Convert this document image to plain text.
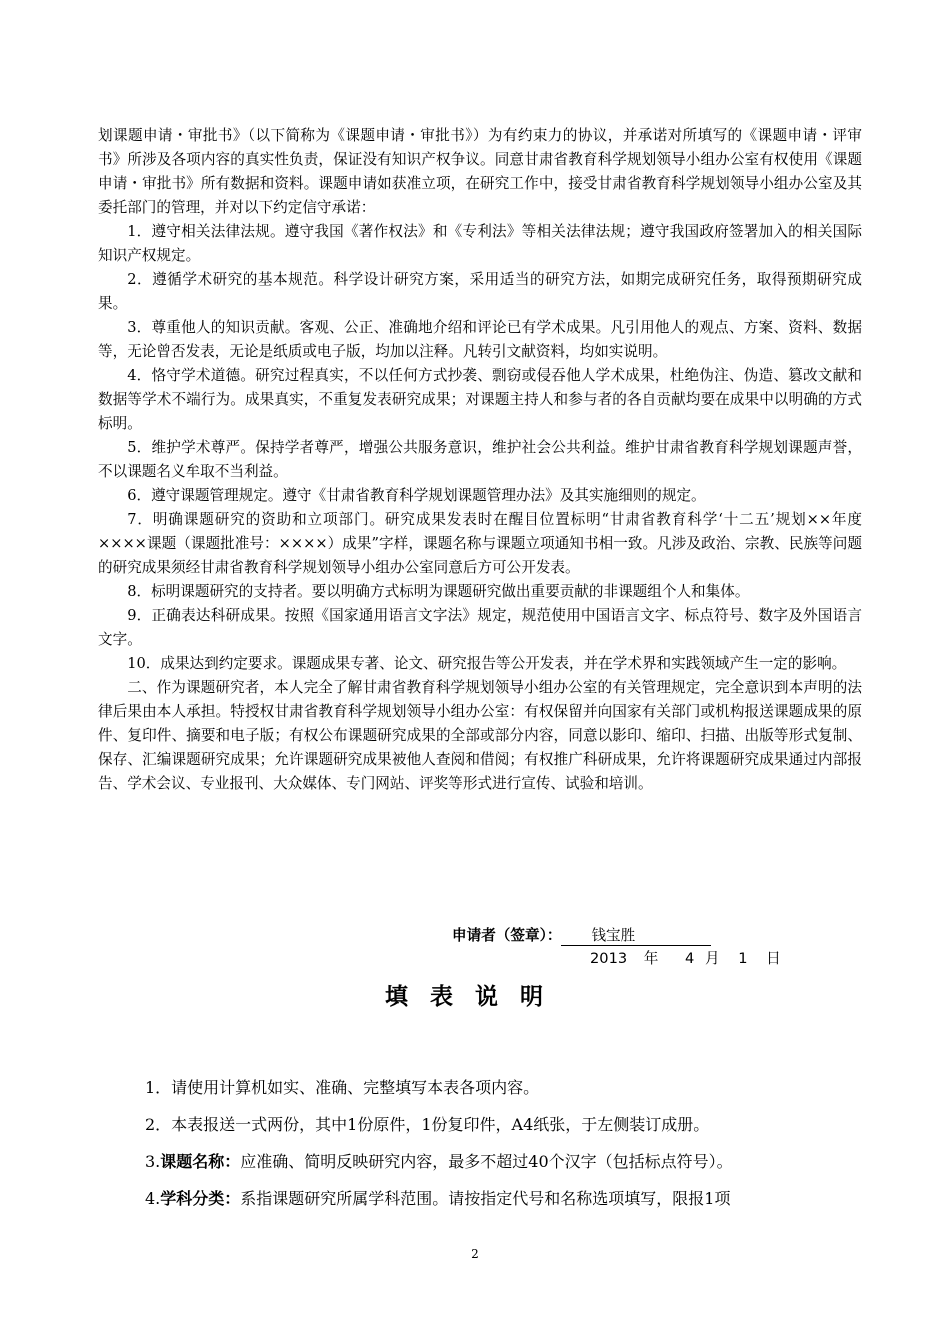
划课题申请・审批书》（以下简称为《课题申请・审批书》）为有约束力的协议，并承诺对所填写的《课题申请・评审书》所涉及各项内容的真实性负责，保证没有知识产权争议。同意甘肃省教育科学规划领导小组办公室有权使用《课题申请・审批书》所有数据和资料。课题申请如获准立项，在研究工作中，接受甘肃省教育科学规划领导小组办公室及其委托部门的管理，并对以下约定信守承诺：

1．遵守相关法律法规。遵守我国《著作权法》和《专利法》等相关法律法规；遵守我国政府签署加入的相关国际知识产权规定。

2．遵循学术研究的基本规范。科学设计研究方案，采用适当的研究方法，如期完成研究任务，取得预期研究成果。

3．尊重他人的知识贡献。客观、公正、准确地介绍和评论已有学术成果。凡引用他人的观点、方案、资料、数据等，无论曾否发表，无论是纸质或电子版，均加以注释。凡转引文献资料，均如实说明。

4．恪守学术道德。研究过程真实，不以任何方式抄袭、剽窃或侵吞他人学术成果，杜绝伪注、伪造、篡改文献和数据等学术不端行为。成果真实，不重复发表研究成果；对课题主持人和参与者的各自贡献均要在成果中以明确的方式标明。

5．维护学术尊严。保持学者尊严，增强公共服务意识，维护社会公共利益。维护甘肃省教育科学规划课题声誉，不以课题名义牟取不当利益。

6．遵守课题管理规定。遵守《甘肃省教育科学规划课题管理办法》及其实施细则的规定。

7．明确课题研究的资助和立项部门。研究成果发表时在醒目位置标明“甘肃省教育科学‘十二五’规划××年度××××课题（课题批准号：××××）成果”字样，课题名称与课题立项通知书相一致。凡涉及政治、宗教、民族等问题的研究成果须经甘肃省教育科学规划领导小组办公室同意后方可公开发表。

8．标明课题研究的支持者。要以明确方式标明为课题研究做出重要贡献的非课题组个人和集体。

9．正确表达科研成果。按照《国家通用语言文字法》规定，规范使用中国语言文字、标点符号、数字及外国语言文字。

10．成果达到约定要求。课题成果专著、论文、研究报告等公开发表，并在学术界和实践领域产生一定的影响。

二、作为课题研究者，本人完全了解甘肃省教育科学规划领导小组办公室的有关管理规定，完全意识到本声明的法律后果由本人承担。特授权甘肃省教育科学规划领导小组办公室：有权保留并向国家有关部门或机构报送课题成果的原件、复印件、摘要和电子版；有权公布课题研究成果的全部或部分内容，同意以影印、缩印、扫描、出版等形式复制、保存、汇编课题研究成果；允许课题研究成果被他人查阅和借阅；有权推广科研成果，允许将课题研究成果通过内部报告、学术会议、专业报刊、大众媒体、专门网站、评奖等形式进行宣传、试验和培训。

申请者（签章）： 钱宝胜
2013 年 4 月 1 日
填表说明

1．请使用计算机如实、准确、完整填写本表各项内容。

2．本表报送一式两份，其中1份原件，1份复印件，A4纸张，于左侧装订成册。

3.课题名称：应准确、简明反映研究内容，最多不超过40个汉字（包括标点符号）。

4.学科分类：系指课题研究所属学科范围。请按指定代号和名称选项填写，限报1项

2
